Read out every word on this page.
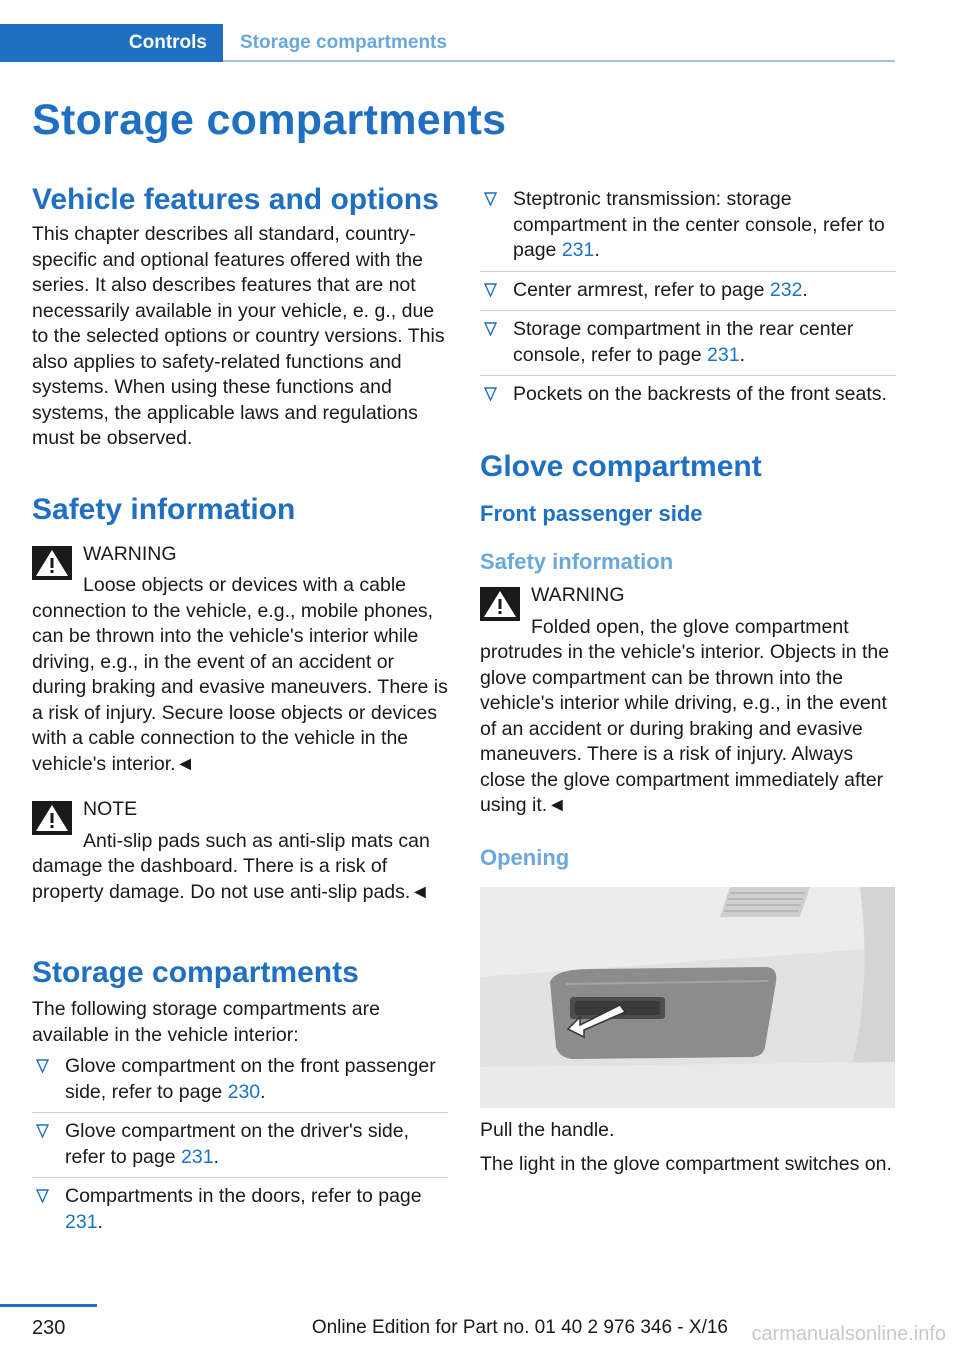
Controls	Storage compartments
Storage compartments
Vehicle features and options

This chapter describes all standard, country-specific and optional features offered with the series. It also describes features that are not necessarily available in your vehicle, e. g., due to the selected options or country versions. This also applies to safety-related functions and systems. When using these functions and systems, the applicable laws and regulations must be observed.

Safety information
WARNING
Loose objects or devices with a cable
connection to the vehicle, e.g., mobile phones, can be thrown into the vehicle's interior while driving, e.g., in the event of an accident or during braking and evasive maneuvers. There is a risk of injury. Secure loose objects or devices with a cable connection to the vehicle in the vehicle's interior.◄
NOTE
Anti-slip pads such as anti-slip mats can
damage the dashboard. There is a risk of property damage. Do not use anti-slip pads.◄
Storage compartments

The following storage compartments are available in the vehicle interior:

Glove compartment on the front passenger side, refer to page 230.
Glove compartment on the driver's side, refer to page 231.
Compartments in the doors, refer to page 231.
Steptronic transmission: storage compartment in the center console, refer to page 231.
Center armrest, refer to page 232.
Storage compartment in the rear center console, refer to page 231.
Pockets on the backrests of the front seats.
Glove compartment
Front passenger side
Safety information
WARNING
Folded open, the glove compartment
protrudes in the vehicle's interior. Objects in the glove compartment can be thrown into the vehicle's interior while driving, e.g., in the event of an accident or during braking and evasive maneuvers. There is a risk of injury. Always close the glove compartment immediately after using it.◄
Opening

Pull the handle.

The light in the glove compartment switches on.

230	Online Edition for Part no. 01 40 2 976 346 - X/16 carmanualsonline.info
